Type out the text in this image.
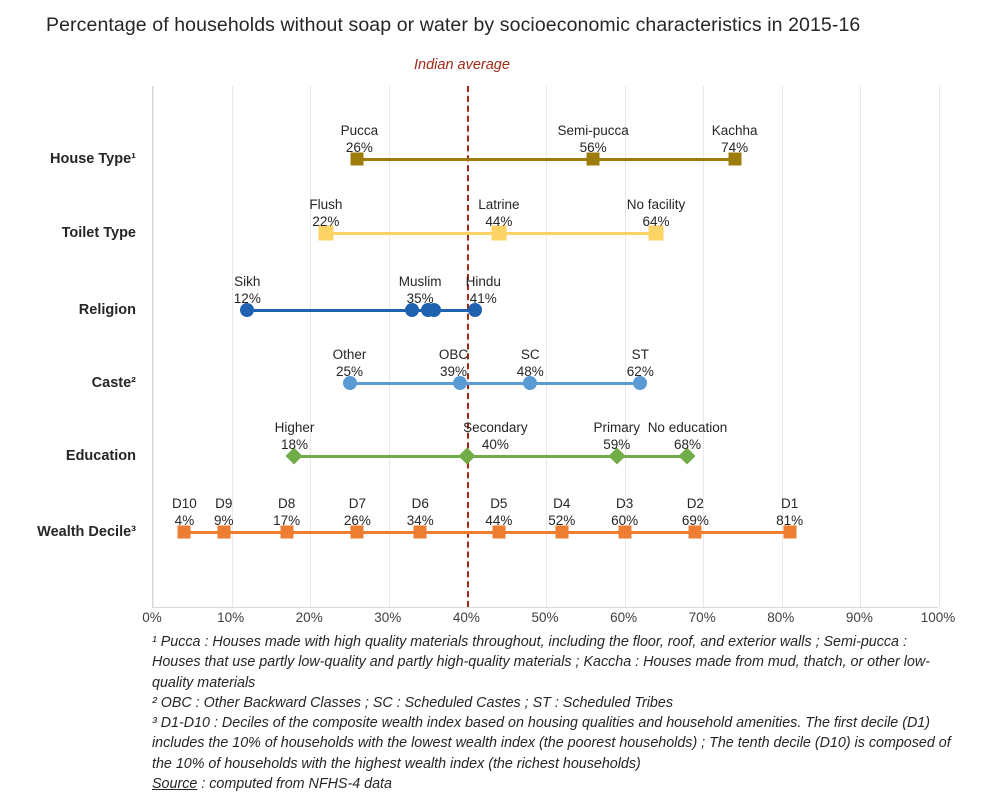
Percentage of households without soap or water by socioeconomic characteristics in 2015-16
Indian average
Pucca
26%
Semi-pucca
56%
Kachha
74%
Flush
22%
Latrine
44%
No facility
64%
Sikh
12%
Muslim
35%
Hindu
41%
Other
25%
OBC
39%
SC
48%
ST
62%
Higher
18%
Secondary
40%
Primary
59%
No education
68%
D10
4%
D9
9%
D8
17%
D7
26%
D6
34%
D5
44%
D4
52%
D3
60%
D2
69%
D1
81%
House Type¹
Toilet Type
Religion
Caste²
Education
Wealth Decile³
0%	10%	20%	30%	40%	50%	60%	70%	80%	90%	100%

¹ Pucca : Houses made with high quality materials throughout, including the floor, roof, and exterior walls ; Semi-pucca : Houses that use partly low-quality and partly high-quality materials ; Kaccha : Houses made from mud, thatch, or other low-quality materials

² OBC : Other Backward Classes ; SC : Scheduled Castes ; ST : Scheduled Tribes

³ D1-D10 : Deciles of the composite wealth index based on housing qualities and household amenities. The first decile (D1) includes the 10% of households with the lowest wealth index (the poorest households) ; The tenth decile (D10) is composed of the 10% of households with the highest wealth index (the richest households)

Source : computed from NFHS-4 data
